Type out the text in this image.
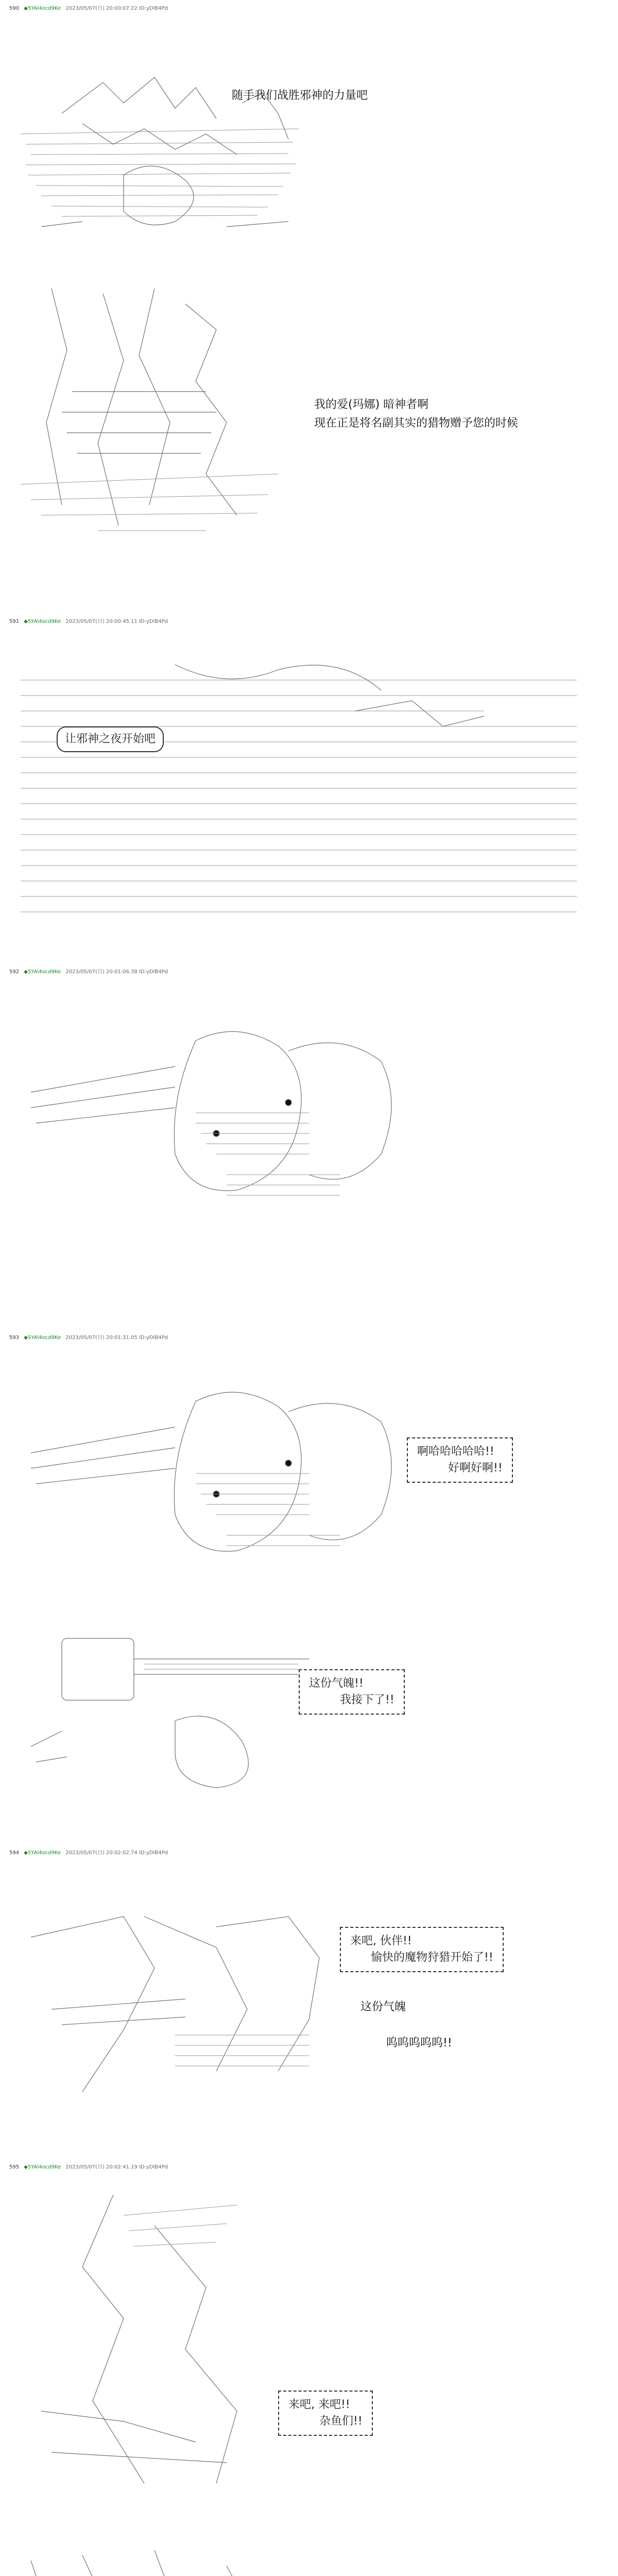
590 ◆5YAl4ocd9Ke 2023/05/07(日) 20:00:07.22 ID:yDlB4Pd
随手我们战胜邪神的力量吧
我的爱(玛娜) 暗神者啊
现在正是将名副其实的猎物赠予您的时候
591 ◆5YAl4ocd9Ke 2023/05/07(日) 20:00:45.11 ID:yDlB4Pd
让邪神之夜开始吧
592 ◆5YAl4ocd9Ke 2023/05/07(日) 20:01:06.38 ID:yDlB4Pd
593 ◆5YAl4ocd9Ke 2023/05/07(日) 20:01:31.05 ID:yDlB4Pd
啊哈哈哈哈哈!!
好啊好啊!!
这份气魄!!
我接下了!!
594 ◆5YAl4ocd9Ke 2023/05/07(日) 20:02:02.74 ID:yDlB4Pd
来吧, 伙伴!!
愉快的魔物狩猎开始了!!
这份气魄
呜呜呜呜呜!!
595 ◆5YAl4ocd9Ke 2023/05/07(日) 20:02:41.19 ID:yDlB4Pd
来吧, 来吧!!
杂鱼们!!
